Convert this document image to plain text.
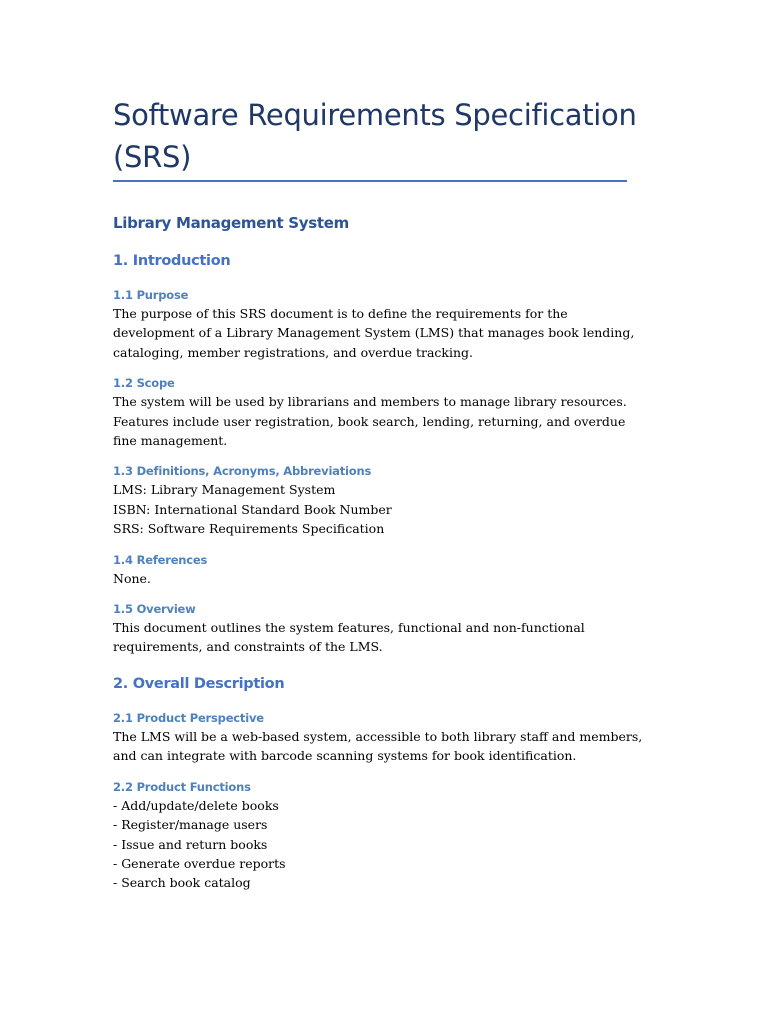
Software Requirements Specification (SRS)
Library Management System
1. Introduction
1.1 Purpose

The purpose of this SRS document is to define the requirements for the development of a Library Management System (LMS) that manages book lending, cataloging, member registrations, and overdue tracking.

1.2 Scope

The system will be used by librarians and members to manage library resources. Features include user registration, book search, lending, returning, and overdue fine management.

1.3 Definitions, Acronyms, Abbreviations
LMS: Library Management System
ISBN: International Standard Book Number
SRS: Software Requirements Specification
1.4 References

None.

1.5 Overview

This document outlines the system features, functional and non-functional requirements, and constraints of the LMS.

2. Overall Description
2.1 Product Perspective

The LMS will be a web-based system, accessible to both library staff and members, and can integrate with barcode scanning systems for book identification.

2.2 Product Functions
- Add/update/delete books
- Register/manage users
- Issue and return books
- Generate overdue reports
- Search book catalog
